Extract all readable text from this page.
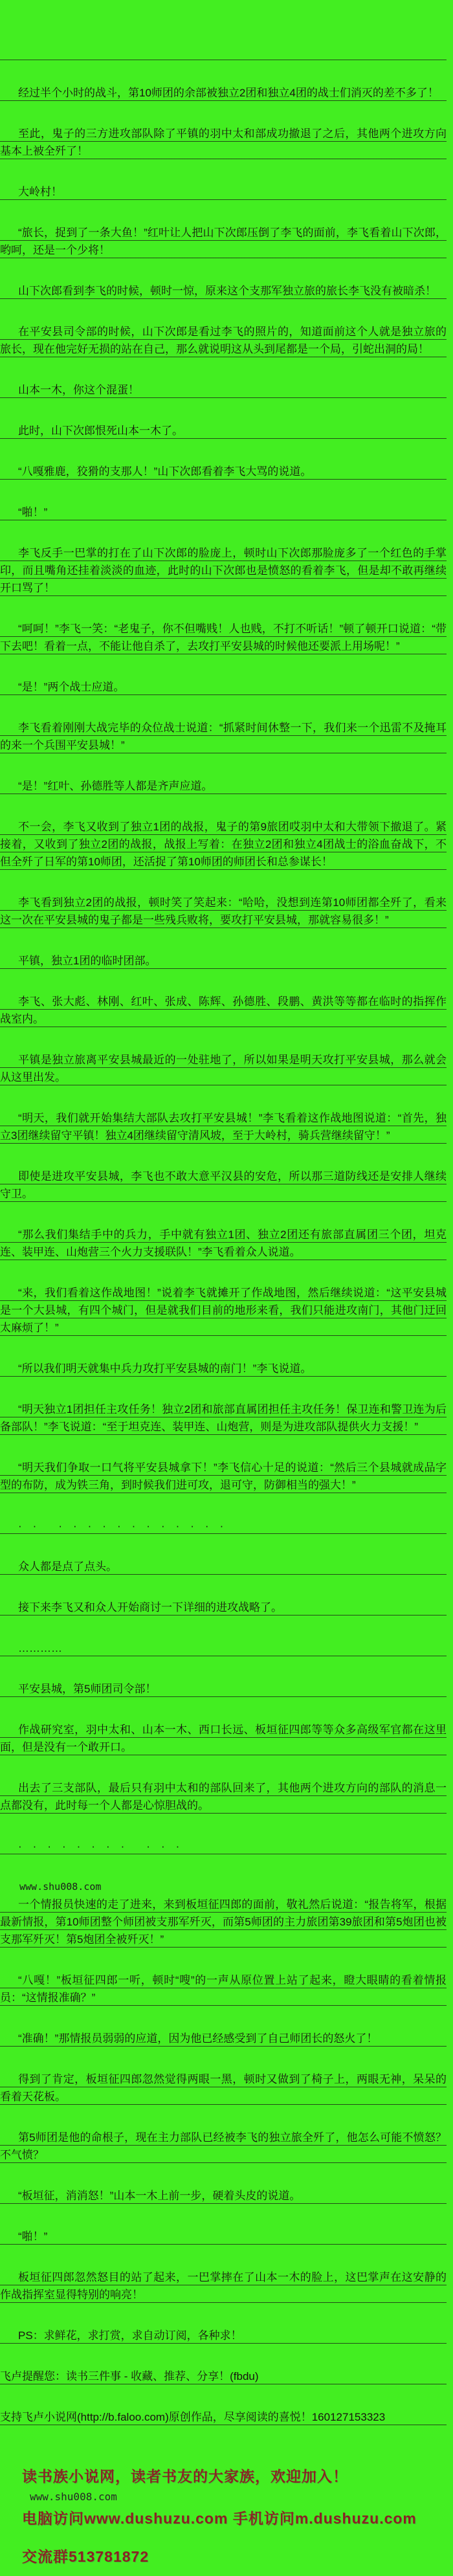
经过半个小时的战斗，第10师团的余部被独立2团和独立4团的战士们消灭的差不多了！

至此，鬼子的三方进攻部队除了平镇的羽中太和部成功撤退了之后，其他两个进攻方向基本上被全歼了！

大岭村！

“旅长，捉到了一条大鱼！”红叶让人把山下次郎压倒了李飞的面前，李飞看着山下次郎，哟呵，还是一个少将！

山下次郎看到李飞的时候，顿时一惊，原来这个支那军独立旅的旅长李飞没有被暗杀！

在平安县司令部的时候，山下次郎是看过李飞的照片的，知道面前这个人就是独立旅的旅长，现在他完好无损的站在自己，那么就说明这从头到尾都是一个局，引蛇出洞的局！

山本一木，你这个混蛋！

此时，山下次郎恨死山本一木了。

“八嘎雅鹿，狡猾的支那人！”山下次郎看着李飞大骂的说道。

“啪！”

李飞反手一巴掌的打在了山下次郎的脸庞上，顿时山下次郎那脸庞多了一个红色的手掌印，而且嘴角还挂着淡淡的血迹，此时的山下次郎也是愤怒的看着李飞，但是却不敢再继续开口骂了！

“呵呵！”李飞一笑：“老鬼子，你不但嘴贱！人也贱，不打不听话！”顿了顿开口说道：“带下去吧！看着一点，不能让他自杀了，去攻打平安县城的时候他还要派上用场呢！”

“是！”两个战士应道。

李飞看着刚刚大战完毕的众位战士说道：“抓紧时间休整一下，我们来一个迅雷不及掩耳的来一个兵围平安县城！”

“是！”红叶、孙德胜等人都是齐声应道。

不一会，李飞又收到了独立1团的战报，鬼子的第9旅团哎羽中太和大带领下撤退了。紧接着，又收到了独立2团的战报，战报上写着：在独立2团和独立4团战士的浴血奋战下，不但全歼了日军的第10师团，还活捉了第10师团的师团长和总参谋长！

李飞看到独立2团的战报，顿时笑了笑起来：“哈哈，没想到连第10师团都全歼了，看来这一次在平安县城的鬼子都是一些残兵败将，要攻打平安县城，那就容易很多！”

平镇，独立1团的临时团部。

李飞、张大彪、林刚、红叶、张成、陈辉、孙德胜、段鹏、黄洪等等都在临时的指挥作战室内。

平镇是独立旅离平安县城最近的一处驻地了，所以如果是明天攻打平安县城，那么就会从这里出发。

“明天，我们就开始集结大部队去攻打平安县城！”李飞看着这作战地图说道：“首先，独立3团继续留守平镇！独立4团继续留守清风坡，至于大岭村，骑兵营继续留守！”

即使是进攻平安县城，李飞也不敢大意平汉县的安危，所以那三道防线还是安排人继续守卫。

“那么我们集结手中的兵力，手中就有独立1团、独立2团还有旅部直属团三个团，坦克连、装甲连、山炮营三个火力支援联队！”李飞看着众人说道。

“来，我们看着这作战地图！”说着李飞就摊开了作战地图，然后继续说道：“这平安县城是一个大县城，有四个城门，但是就我们目前的地形来看，我们只能进攻南门，其他门迂回太麻烦了！”

“所以我们明天就集中兵力攻打平安县城的南门！”李飞说道。

“明天独立1团担任主攻任务！独立2团和旅部直属团担任主攻任务！保卫连和警卫连为后备部队！”李飞说道：“至于坦克连、装甲连、山炮营，则是为进攻部队提供火力支援！”

“明天我们争取一口气将平安县城拿下！”李飞信心十足的说道：“然后三个县城就成品字型的布防，成为铁三角，到时候我们进可攻，退可守，防御相当的强大！”

·　·　　·　·　·　·　·　·　·　·　·　·　·　·

众人都是点了点头。

接下来李飞又和众人开始商讨一下详细的进攻战略了。

…………

平安县城，第5师团司令部！

作战研究室，羽中太和、山本一木、西口长远、板垣征四郎等等众多高级军官都在这里面，但是没有一个敢开口。

出去了三支部队，最后只有羽中太和的部队回来了，其他两个进攻方向的部队的消息一点都没有，此时每一个人都是心惊胆战的。

·　·　·　·　·　·　·　·　　·　·　·

www.shu008.com

一个情报员快速的走了进来，来到板垣征四郎的面前，敬礼然后说道：“报告将军，根据最新情报，第10师团整个师团被支那军歼灭，而第5师团的主力旅团第39旅团和第5炮团也被支那军歼灭！第5炮团全被歼灭！”

“八嘎！”板垣征四郎一听，顿时“嗖”的一声从原位置上站了起来，瞪大眼睛的看着情报员：“这情报准确？”

“准确！”那情报员弱弱的应道，因为他已经感受到了自己师团长的怒火了！

得到了肯定，板垣征四郎忽然觉得两眼一黑，顿时又做到了椅子上，两眼无神，呆呆的看着天花板。

第5师团是他的命根子，现在主力部队已经被李飞的独立旅全歼了，他怎么可能不愤怒？不气愤？

“板垣征，消消怒！”山本一木上前一步，硬着头皮的说道。

“啪！”

板垣征四郎忽然怒目的站了起来，一巴掌摔在了山本一木的脸上，这巴掌声在这安静的作战指挥室显得特别的响亮！

PS：求鲜花，求打赏，求自动订阅，各种求！

飞卢提醒您：读书三件事 - 收藏、推荐、分享！(fbdu)

支持飞卢小说网(http://b.faloo.com)原创作品，尽享阅读的喜悦！160127153323

读书族小说网，读者书友的大家族，欢迎加入！
www.shu008.com
电脑访问www.dushuzu.com 手机访问m.dushuzu.com
交流群513781872
